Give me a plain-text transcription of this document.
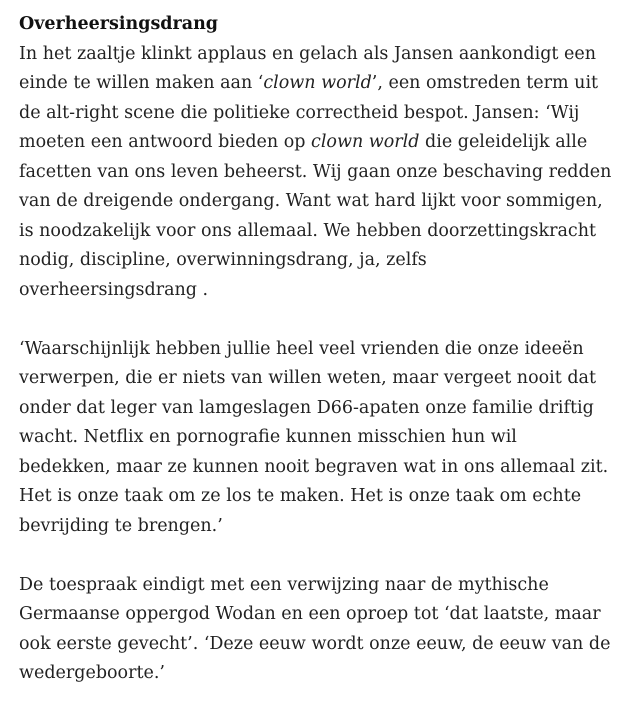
Overheersingsdrang

In het zaaltje klinkt applaus en gelach als Jansen aankondigt een
einde te willen maken aan ‘clown world’, een omstreden term uit
de alt-right scene die politieke correctheid bespot. Jansen: ‘Wij
moeten een antwoord bieden op clown world die geleidelijk alle
facetten van ons leven beheerst. Wij gaan onze beschaving redden
van de dreigende ondergang. Want wat hard lijkt voor sommigen,
is noodzakelijk voor ons allemaal. We hebben doorzettingskracht
nodig, discipline, overwinningsdrang, ja, zelfs
overheersingsdrang .

‘Waarschijnlijk hebben jullie heel veel vrienden die onze ideeën
verwerpen, die er niets van willen weten, maar vergeet nooit dat
onder dat leger van lamgeslagen D66-apaten onze familie driftig
wacht. Netflix en pornografie kunnen misschien hun wil
bedekken, maar ze kunnen nooit begraven wat in ons allemaal zit.
Het is onze taak om ze los te maken. Het is onze taak om echte
bevrijding te brengen.’

De toespraak eindigt met een verwijzing naar de mythische
Germaanse oppergod Wodan en een oproep tot ‘dat laatste, maar
ook eerste gevecht’. ‘Deze eeuw wordt onze eeuw, de eeuw van de
wedergeboorte.’
